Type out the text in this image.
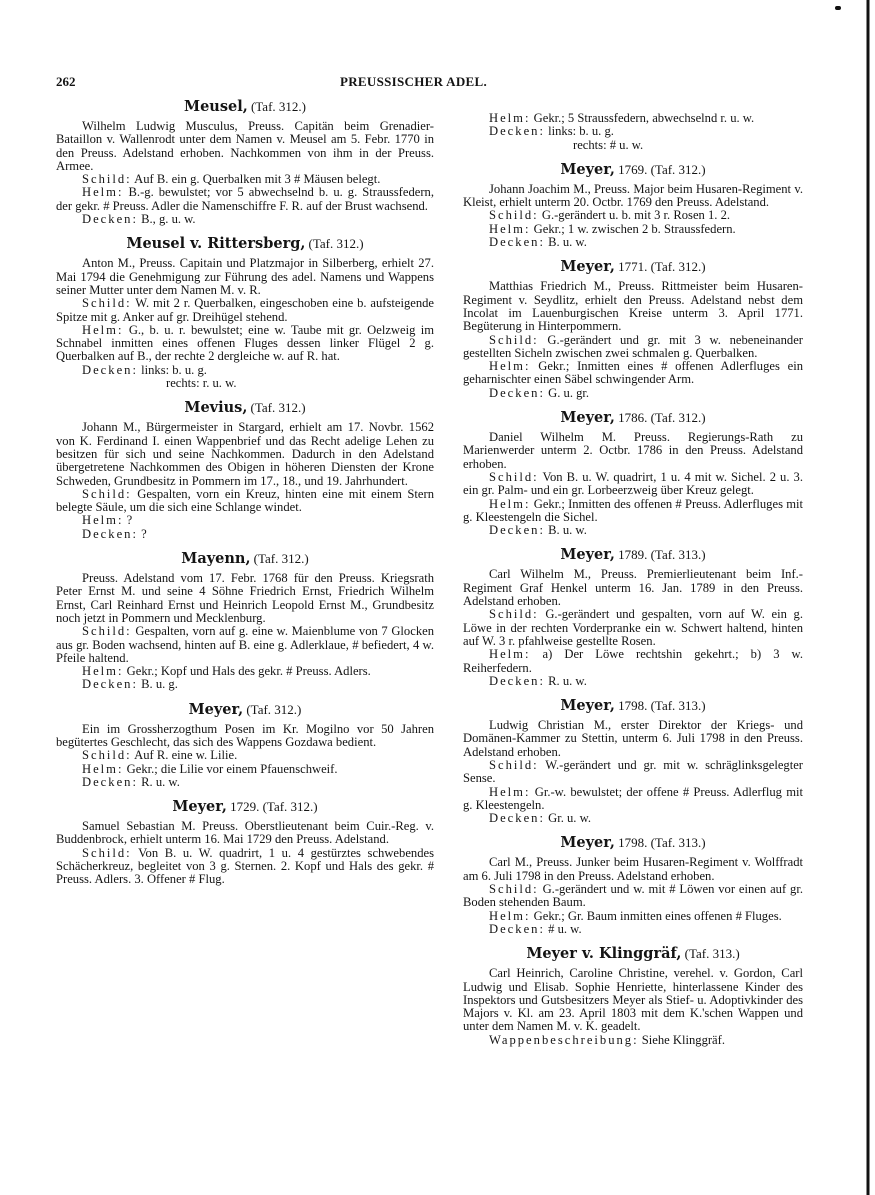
262	PREUSSISCHER ADEL.
Meusel, (Taf. 312.)
Wilhelm Ludwig Musculus, Preuss. Capitän beim Grenadier-Bataillon v. Wallenrodt unter dem Namen v. Meusel am 5. Febr. 1770 in den Preuss. Adelstand erhoben. Nachkommen von ihm in der Preuss. Armee.
Schild: Auf B. ein g. Querbalken mit 3 # Mäusen belegt.
Helm: B.-g. bewulstet; vor 5 abwechselnd b. u. g. Straussfedern, der gekr. # Preuss. Adler die Namenschiffre F. R. auf der Brust wachsend.
Decken: B., g. u. w.
Meusel v. Rittersberg, (Taf. 312.)
Anton M., Preuss. Capitain und Platzmajor in Silberberg, erhielt 27. Mai 1794 die Genehmigung zur Führung des adel. Namens und Wappens seiner Mutter unter dem Namen M. v. R.
Schild: W. mit 2 r. Querbalken, eingeschoben eine b. aufsteigende Spitze mit g. Anker auf gr. Dreihügel stehend.
Helm: G., b. u. r. bewulstet; eine w. Taube mit gr. Oelzweig im Schnabel inmitten eines offenen Fluges dessen linker Flügel 2 g. Querbalken auf B., der rechte 2 dergleiche w. auf R. hat.
Decken: links: b. u. g.
rechts: r. u. w.
Mevius, (Taf. 312.)
Johann M., Bürgermeister in Stargard, erhielt am 17. Novbr. 1562 von K. Ferdinand I. einen Wappenbrief und das Recht adelige Lehen zu besitzen für sich und seine Nachkommen. Dadurch in den Adelstand übergetretene Nachkommen des Obigen in höheren Diensten der Krone Schweden, Grundbesitz in Pommern im 17., 18., und 19. Jahrhundert.
Schild: Gespalten, vorn ein Kreuz, hinten eine mit einem Stern belegte Säule, um die sich eine Schlange windet.
Helm: ?
Decken: ?
Mayenn, (Taf. 312.)
Preuss. Adelstand vom 17. Febr. 1768 für den Preuss. Kriegsrath Peter Ernst M. und seine 4 Söhne Friedrich Ernst, Friedrich Wilhelm Ernst, Carl Reinhard Ernst und Heinrich Leopold Ernst M., Grundbesitz noch jetzt in Pommern und Mecklenburg.
Schild: Gespalten, vorn auf g. eine w. Maienblume von 7 Glocken aus gr. Boden wachsend, hinten auf B. eine g. Adlerklaue, # befiedert, 4 w. Pfeile haltend.
Helm: Gekr.; Kopf und Hals des gekr. # Preuss. Adlers.
Decken: B. u. g.
Meyer, (Taf. 312.)
Ein im Grossherzogthum Posen im Kr. Mogilno vor 50 Jahren begütertes Geschlecht, das sich des Wappens Gozdawa bedient.
Schild: Auf R. eine w. Lilie.
Helm: Gekr.; die Lilie vor einem Pfauenschweif.
Decken: R. u. w.
Meyer, 1729. (Taf. 312.)
Samuel Sebastian M. Preuss. Oberstlieutenant beim Cuir.-Reg. v. Buddenbrock, erhielt unterm 16. Mai 1729 den Preuss. Adelstand.
Schild: Von B. u. W. quadrirt, 1 u. 4 gestürztes schwebendes Schächerkreuz, begleitet von 3 g. Sternen. 2. Kopf und Hals des gekr. # Preuss. Adlers. 3. Offener # Flug.
Helm: Gekr.; 5 Straussfedern, abwechselnd r. u. w.
Decken: links: b. u. g.
rechts: # u. w.
Meyer, 1769. (Taf. 312.)
Johann Joachim M., Preuss. Major beim Husaren-Regiment v. Kleist, erhielt unterm 20. Octbr. 1769 den Preuss. Adelstand.
Schild: G.-gerändert u. b. mit 3 r. Rosen 1. 2.
Helm: Gekr.; 1 w. zwischen 2 b. Straussfedern.
Decken: B. u. w.
Meyer, 1771. (Taf. 312.)
Matthias Friedrich M., Preuss. Rittmeister beim Husaren-Regiment v. Seydlitz, erhielt den Preuss. Adelstand nebst dem Incolat im Lauenburgischen Kreise unterm 3. April 1771. Begüterung in Hinterpommern.
Schild: G.-gerändert und gr. mit 3 w. nebeneinander gestellten Sicheln zwischen zwei schmalen g. Querbalken.
Helm: Gekr.; Inmitten eines # offenen Adlerfluges ein geharnischter einen Säbel schwingender Arm.
Decken: G. u. gr.
Meyer, 1786. (Taf. 312.)
Daniel Wilhelm M. Preuss. Regierungs-Rath zu Marienwerder unterm 2. Octbr. 1786 in den Preuss. Adelstand erhoben.
Schild: Von B. u. W. quadrirt, 1 u. 4 mit w. Sichel. 2 u. 3. ein gr. Palm- und ein gr. Lorbeerzweig über Kreuz gelegt.
Helm: Gekr.; Inmitten des offenen # Preuss. Adlerfluges mit g. Kleestengeln die Sichel.
Decken: B. u. w.
Meyer, 1789. (Taf. 313.)
Carl Wilhelm M., Preuss. Premierlieutenant beim Inf.-Regiment Graf Henkel unterm 16. Jan. 1789 in den Preuss. Adelstand erhoben.
Schild: G.-gerändert und gespalten, vorn auf W. ein g. Löwe in der rechten Vorderpranke ein w. Schwert haltend, hinten auf W. 3 r. pfahlweise gestellte Rosen.
Helm: a) Der Löwe rechtshin gekehrt.; b) 3 w. Reiherfedern.
Decken: R. u. w.
Meyer, 1798. (Taf. 313.)
Ludwig Christian M., erster Direktor der Kriegs- und Domänen-Kammer zu Stettin, unterm 6. Juli 1798 in den Preuss. Adelstand erhoben.
Schild: W.-gerändert und gr. mit w. schräglinksgelegter Sense.
Helm: Gr.-w. bewulstet; der offene # Preuss. Adlerflug mit g. Kleestengeln.
Decken: Gr. u. w.
Meyer, 1798. (Taf. 313.)
Carl M., Preuss. Junker beim Husaren-Regiment v. Wolffradt am 6. Juli 1798 in den Preuss. Adelstand erhoben.
Schild: G.-gerändert und w. mit # Löwen vor einen auf gr. Boden stehenden Baum.
Helm: Gekr.; Gr. Baum inmitten eines offenen # Fluges.
Decken: # u. w.
Meyer v. Klinggräf, (Taf. 313.)
Carl Heinrich, Caroline Christine, verehel. v. Gordon, Carl Ludwig und Elisab. Sophie Henriette, hinterlassene Kinder des Inspektors und Gutsbesitzers Meyer als Stief- u. Adoptivkinder des Majors v. Kl. am 23. April 1803 mit dem K.'schen Wappen und unter dem Namen M. v. K. geadelt.
Wappenbeschreibung: Siehe Klinggräf.
